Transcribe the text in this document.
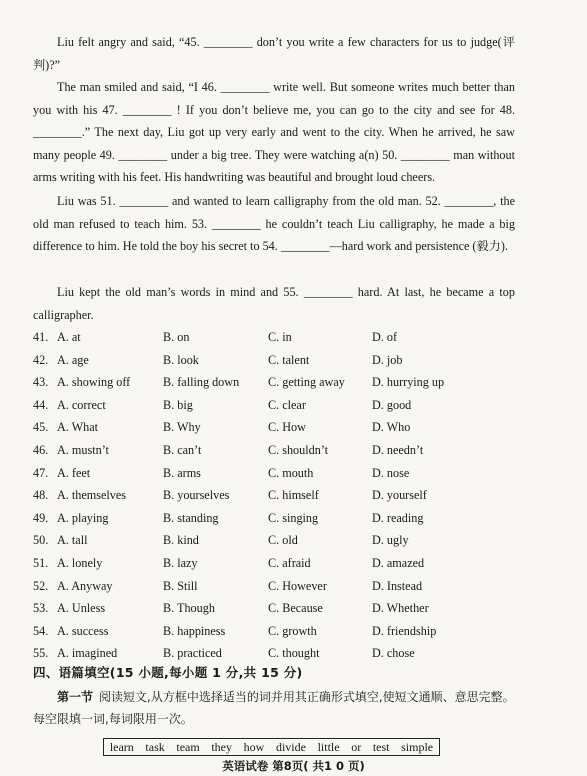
Liu felt angry and said, “45. ________ don’t you write a few characters for us to judge(评判)?”

The man smiled and said, “I 46. ________ write well. But someone writes much better than you with his 47. ________ ! If you don’t believe me, you can go to the city and see for 48. ________.” The next day, Liu got up very early and went to the city. When he arrived, he saw many people 49. ________ under a big tree. They were watching a(n) 50. ________ man without arms writing with his feet. His handwriting was beautiful and brought loud cheers.

Liu was 51. ________ and wanted to learn calligraphy from the old man. 52. ________, the old man refused to teach him. 53. ________ he couldn’t teach Liu calligraphy, he made a big difference to him. He told the boy his secret to 54. ________—hard work and persistence (毅力).

Liu kept the old man’s words in mind and 55. ________ hard. At last, he became a top calligrapher.

41. A. at	B. on	C. in	D. of
42. A. age	B. look	C. talent	D. job
43. A. showing off	B. falling down C. getting away D. hurrying up
44. A. correct	B. big	C. clear	D. good
45. A. What	B. Why	C. How	D. Who
46. A. mustn’t	B. can’t	C. shouldn’t	D. needn’t
47. A. feet	B. arms	C. mouth	D. nose
48. A. themselves	B. yourselves	C. himself	D. yourself
49. A. playing	B. standing	C. singing	D. reading
50. A. tall	B. kind	C. old	D. ugly
51. A. lonely	B. lazy	C. afraid	D. amazed
52. A. Anyway	B. Still	C. However	D. Instead
53. A. Unless	B. Though	C. Because	D. Whether
54. A. success	B. happiness	C. growth	D. friendship
55. A. imagined	B. practiced	C. thought	D. chose
四、语篇填空(15 小题,每小题 1 分,共 15 分)

第一节 阅读短文,从方框中选择适当的词并用其正确形式填空,使短文通顺、意思完整。每空限填一词,每词限用一次。

learn task team they how divide little or test simple
英语试卷 第8页( 共1 0 页)
